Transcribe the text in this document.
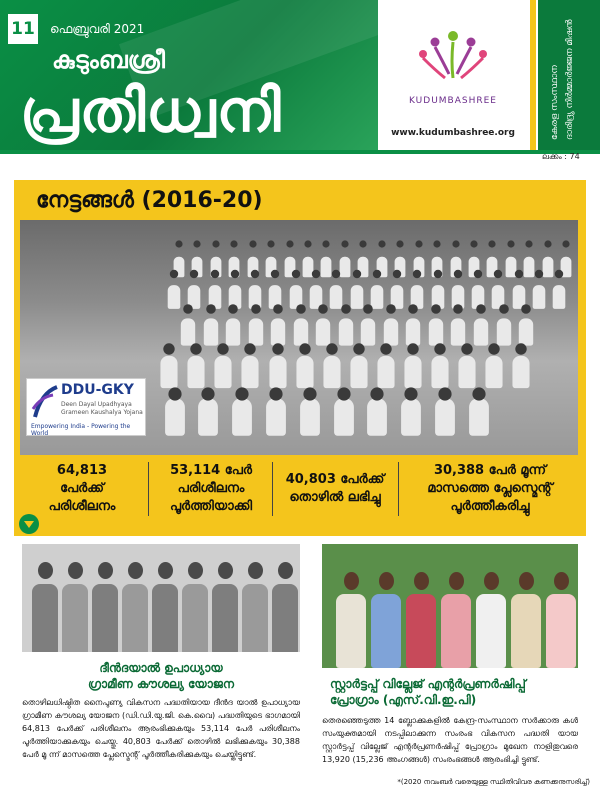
11 ഫെബ്രുവരി 2021
കുടുംബശ്രീ
പ്രതിധ്വനി	KUDUMBASHREE
www.kudumbashree.org	കേരള സംസ്ഥാന ദാരിദ്ര്യ നിർമ്മാർജ്ജന മിഷൻ
ലക്കം : 74
നേട്ടങ്ങൾ (2016-20)
DDU-GKY
Deen Dayal Upadhyaya
Grameen Kaushalya Yojana
Empowering India - Powering the World
64,813
പേർക്ക്
പരിശീലനം
53,114 പേർ
പരിശീലനം
പൂർത്തിയാക്കി
40,803 പേർക്ക്
തൊഴിൽ ലഭിച്ചു
30,388 പേർ മൂന്ന്
മാസത്തെ പ്ലേസ്മെന്റ്
പൂർത്തീകരിച്ചു
ദീൻദയാൽ ഉപാധ്യായ
ഗ്രാമീണ കൗശല്യ യോജന
തൊഴിലധിഷ്ഠിത നൈപുണ്യ വികസന പദ്ധതിയായ ദീൻദ യാൽ ഉപാധ്യായ ഗ്രാമീണ കൗശല്യ യോജന (ഡി.ഡി.യു.ജി. കെ.വൈ) പദ്ധതിയുടെ ഭാഗമായി 64,813 പേർക്ക് പരിശീലനം ആരംഭിക്കുകയും 53,114 പേർ പരിശീലനം പൂർത്തിയാക്കുകയും ചെയ്തു. 40,803 പേർക്ക് തൊഴിൽ ലഭിക്കുകയും 30,388 പേർ മൂ ന്ന് മാസത്തെ പ്ലേസ്മെന്റ് പൂർത്തീകരിക്കുകയും ചെയ്തിട്ടുണ്ട്.
സ്റ്റാർട്ടപ്പ് വില്ലേജ് എന്റർപ്രണർഷിപ്പ്
പ്രോഗ്രാം (എസ്.വി.ഇ.പി)
തെരഞ്ഞെടുത്ത 14 ബ്ലോക്കുകളിൽ കേന്ദ്ര-സംസ്ഥാന സർക്കാരു കൾ സംയുക്തമായി നടപ്പിലാക്കുന്ന സംരംഭ വികസന പദ്ധതി യായ സ്റ്റാർട്ടപ്പ് വില്ലേജ് എന്റർപ്രണർഷിപ്പ് പ്രോഗ്രാം മുഖേന നാളിതുവരെ 13,920 (15,236 അംഗങ്ങൾ) സംരംഭങ്ങൾ ആരംഭിച്ചി ട്ടുണ്ട്.
*(2020 നവംബർ വരെയുള്ള സ്ഥിതിവിവര കണക്കനുസരിച്ച്)
